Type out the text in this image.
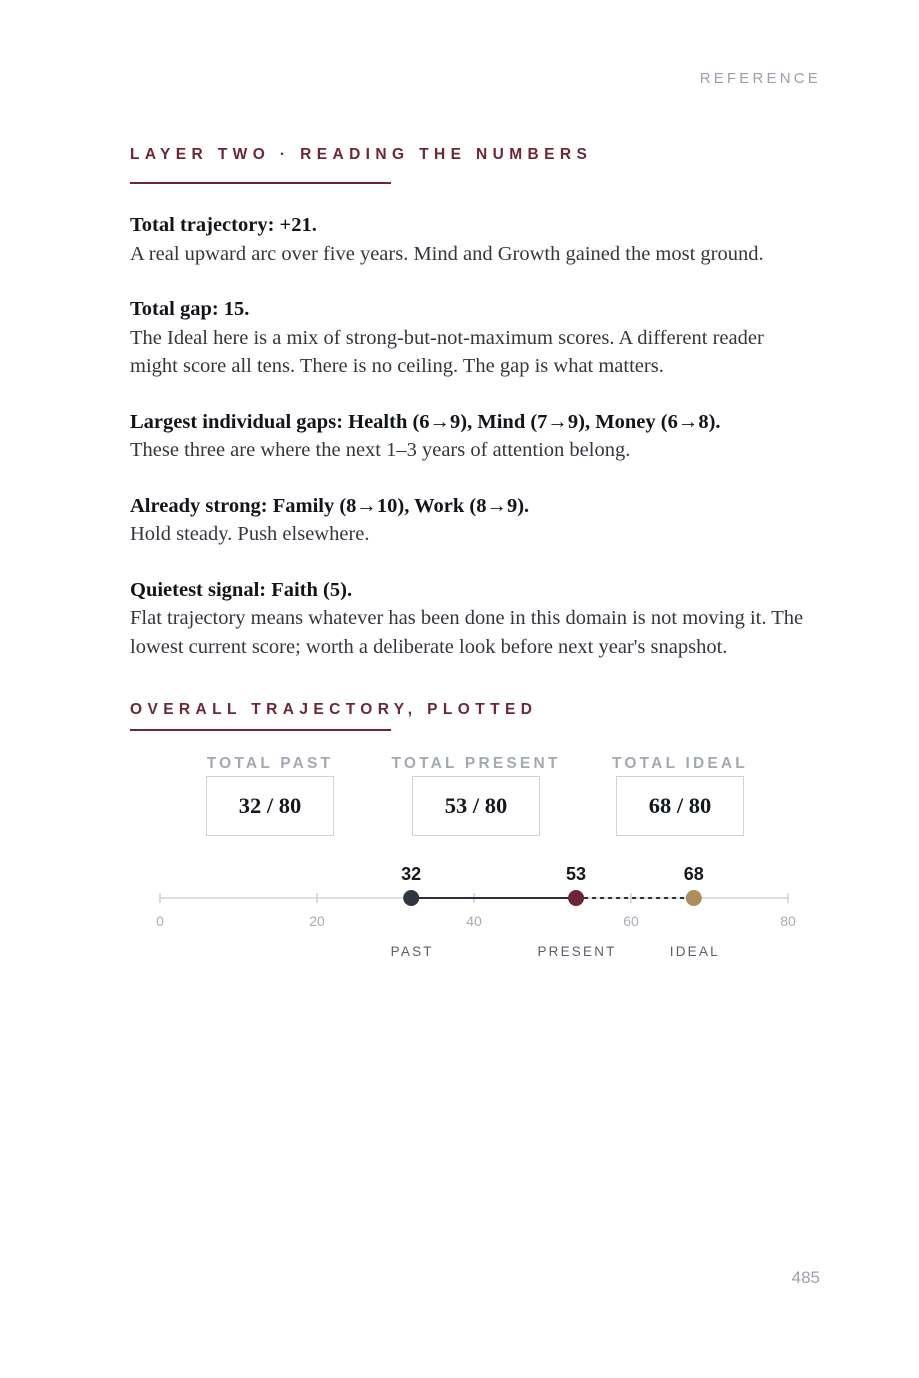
REFERENCE
LAYER TWO · READING THE NUMBERS

Total trajectory: +21.
A real upward arc over five years. Mind and Growth gained the most ground.

Total gap: 15.
The Ideal here is a mix of strong-but-not-maximum scores. A different reader might score all tens. There is no ceiling. The gap is what matters.

Largest individual gaps: Health (6→9), Mind (7→9), Money (6→8).
These three are where the next 1–3 years of attention belong.

Already strong: Family (8→10), Work (8→9).
Hold steady. Push elsewhere.

Quietest signal: Faith (5).
Flat trajectory means whatever has been done in this domain is not moving it. The lowest current score; worth a deliberate look before next year's snapshot.

OVERALL TRAJECTORY, PLOTTED
TOTAL PAST
32 / 80
TOTAL PRESENT
53 / 80
TOTAL IDEAL
68 / 80
0	20	40	60	80
32
PAST
53
PRESENT
68
IDEAL
485
